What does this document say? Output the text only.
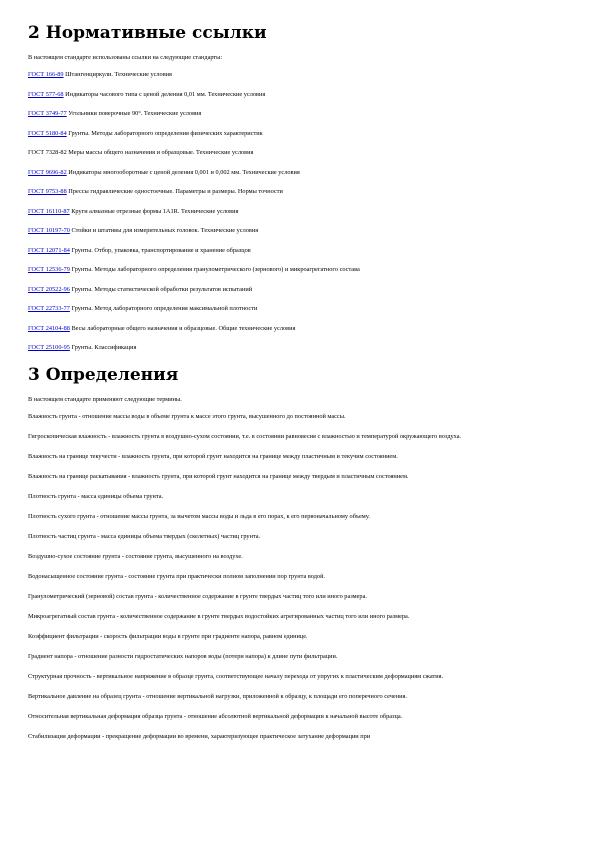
2 Нормативные ссылки

В настоящем стандарте использованы ссылки на следующие стандарты:

ГОСТ 166-89 Штангенциркули. Технические условия

ГОСТ 577-68 Индикаторы часового типа с ценой деления 0,01 мм. Технические условия

ГОСТ 3749-77 Угольники поверочные 90°. Технические условия

ГОСТ 5180-84 Грунты. Методы лабораторного определения физических характеристик

ГОСТ 7328-82 Меры массы общего назначения и образцовые. Технические условия

ГОСТ 9696-82 Индикаторы многооборотные с ценой деления 0,001 и 0,002 мм. Технические условия

ГОСТ 9753-88 Прессы гидравлические одностоечные. Параметры и размеры. Нормы точности

ГОСТ 16110-87 Круги алмазные отрезные формы 1A1R. Технические условия

ГОСТ 10197-70 Стойки и штативы для измерительных головок. Технические условия

ГОСТ 12071-84 Грунты. Отбор, упаковка, транспортирование и хранение образцов

ГОСТ 12536-79 Грунты. Методы лабораторного определения гранулометрического (зернового) и микроагрегатного состава

ГОСТ 20522-96 Грунты. Методы статистической обработки результатов испытаний

ГОСТ 22733-77 Грунты. Метод лабораторного определения максимальной плотности

ГОСТ 24104-88 Весы лабораторные общего назначения и образцовые. Общие технические условия

ГОСТ 25100-95 Грунты. Классификация

3 Определения

В настоящем стандарте применяют следующие термины.

Влажность грунта - отношение массы воды в объеме грунта к массе этого грунта, высушенного до постоянной массы.

Гигроскопическая влажность - влажность грунта в воздушно-сухом состоянии, т.е. в состоянии равновесия с влажностью и температурой окружающего воздуха.

Влажность на границе текучести - влажность грунта, при которой грунт находится на границе между пластичным и текучим состоянием.

Влажность на границе раскатывания - влажность грунта, при которой грунт находится на границе между твердым и пластичным состоянием.

Плотность грунта - масса единицы объема грунта.

Плотность сухого грунта - отношение массы грунта, за вычетом массы воды и льда в его порах, к его первоначальному объему.

Плотность частиц грунта - масса единицы объема твердых (скелетных) частиц грунта.

Воздушно-сухое состояние грунта - состояние грунта, высушенного на воздухе.

Водонасыщенное состояние грунта - состояние грунта при практически полном заполнении пор грунта водой.

Гранулометрический (зерновой) состав грунта - количественное содержание в грунте твердых частиц того или иного размера.

Микроагрегатный состав грунта - количественное содержание в грунте твердых водостойких агрегированных частиц того или иного размера.

Коэффициент фильтрации - скорость фильтрации воды в грунте при градиенте напора, равном единице.

Градиент напора - отношение разности гидростатических напоров воды (потери напора) к длине пути фильтрации.

Структурная прочность - вертикальное напряжение в образце грунта, соответствующее началу перехода от упругих к пластическим деформациям сжатия.

Вертикальное давление на образец грунта - отношение вертикальной нагрузки, приложенной к образцу, к площади его поперечного сечения.

Относительная вертикальная деформация образца грунта - отношение абсолютной вертикальной деформации к начальной высоте образца.

Стабилизация деформации - прекращение деформации во времени, характеризующее практическое затухание деформации при
